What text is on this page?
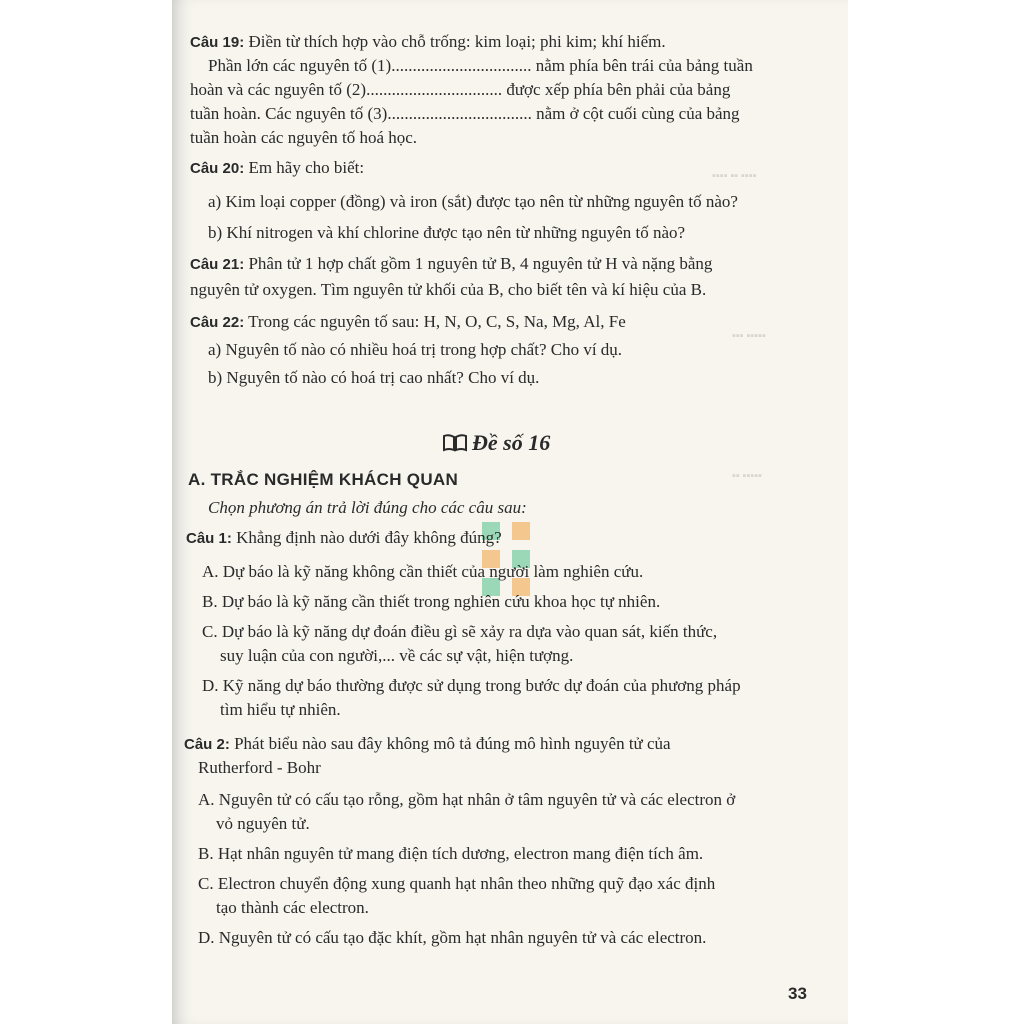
▪▪▪▪ ▪▪ ▪▪▪▪
▪▪▪ ▪▪▪▪▪
▪▪ ▪▪▪▪▪
Câu 19: Điền từ thích hợp vào chỗ trống: kim loại; phi kim; khí hiếm.
Phần lớn các nguyên tố (1)................................. nằm phía bên trái của bảng tuần
hoàn và các nguyên tố (2)................................ được xếp phía bên phải của bảng
tuần hoàn. Các nguyên tố (3).................................. nằm ở cột cuối cùng của bảng
tuần hoàn các nguyên tố hoá học.
Câu 20: Em hãy cho biết:
a) Kim loại copper (đồng) và iron (sắt) được tạo nên từ những nguyên tố nào?
b) Khí nitrogen và khí chlorine được tạo nên từ những nguyên tố nào?
Câu 21: Phân tử 1 hợp chất gồm 1 nguyên tử B, 4 nguyên tử H và nặng bằng
nguyên tử oxygen. Tìm nguyên tử khối của B, cho biết tên và kí hiệu của B.
Câu 22: Trong các nguyên tố sau: H, N, O, C, S, Na, Mg, Al, Fe
a) Nguyên tố nào có nhiều hoá trị trong hợp chất? Cho ví dụ.
b) Nguyên tố nào có hoá trị cao nhất? Cho ví dụ.
Đề số 16
A. TRẮC NGHIỆM KHÁCH QUAN
Chọn phương án trả lời đúng cho các câu sau:
Câu 1: Khẳng định nào dưới đây không đúng?
A. Dự báo là kỹ năng không cần thiết của người làm nghiên cứu.
B. Dự báo là kỹ năng cần thiết trong nghiên cứu khoa học tự nhiên.
C. Dự báo là kỹ năng dự đoán điều gì sẽ xảy ra dựa vào quan sát, kiến thức,
suy luận của con người,... về các sự vật, hiện tượng.
D. Kỹ năng dự báo thường được sử dụng trong bước dự đoán của phương pháp
tìm hiểu tự nhiên.
Câu 2: Phát biểu nào sau đây không mô tả đúng mô hình nguyên tử của
Rutherford - Bohr
A. Nguyên tử có cấu tạo rỗng, gồm hạt nhân ở tâm nguyên tử và các electron ở
vỏ nguyên tử.
B. Hạt nhân nguyên tử mang điện tích dương, electron mang điện tích âm.
C. Electron chuyển động xung quanh hạt nhân theo những quỹ đạo xác định
tạo thành các electron.
D. Nguyên tử có cấu tạo đặc khít, gồm hạt nhân nguyên tử và các electron.
33
